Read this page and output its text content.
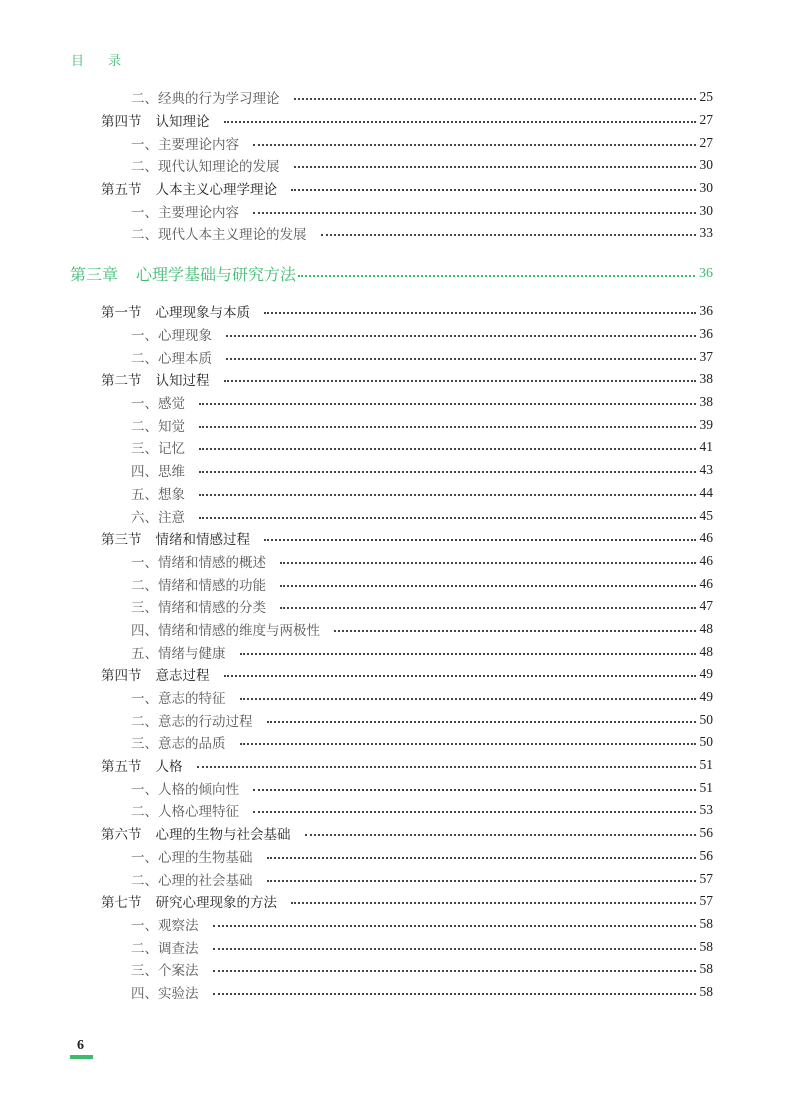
目 录
二、经典的行为学习理论	25
第四节 认知理论	27
一、主要理论内容	27
二、现代认知理论的发展	30
第五节 人本主义心理学理论	30
一、主要理论内容	30
二、现代人本主义理论的发展	33
第三章 心理学基础与研究方法	36
第一节 心理现象与本质	36
一、心理现象	36
二、心理本质	37
第二节 认知过程	38
一、感觉	38
二、知觉	39
三、记忆	41
四、思维	43
五、想象	44
六、注意	45
第三节 情绪和情感过程	46
一、情绪和情感的概述	46
二、情绪和情感的功能	46
三、情绪和情感的分类	47
四、情绪和情感的维度与两极性	48
五、情绪与健康	48
第四节 意志过程	49
一、意志的特征	49
二、意志的行动过程	50
三、意志的品质	50
第五节 人格	51
一、人格的倾向性	51
二、人格心理特征	53
第六节 心理的生物与社会基础	56
一、心理的生物基础	56
二、心理的社会基础	57
第七节 研究心理现象的方法	57
一、观察法	58
二、调查法	58
三、个案法	58
四、实验法	58
6
